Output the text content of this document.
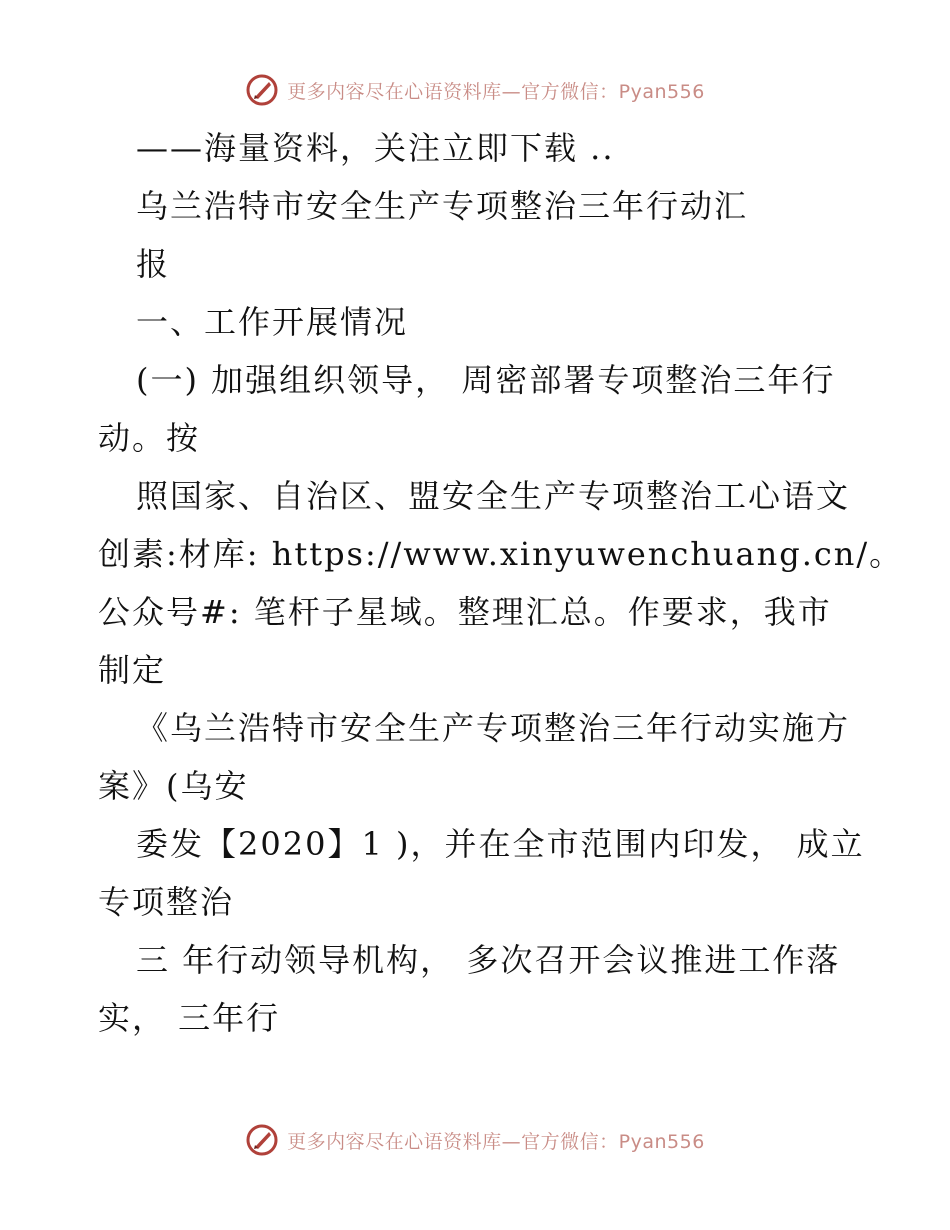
更多内容尽在心语资料库—官方微信：Pyan556
——海量资料，关注立即下载 ..
乌兰浩特市安全生产专项整治三年行动汇
报
一、工作开展情况
(一) 加强组织领导， 周密部署专项整治三年行
动。按
照国家、自治区、盟安全生产专项整治工心语文
创素:材库: https://www.xinyuwenchuang.cn/。
公众号#: 笔杆子星域。整理汇总。作要求，我市
制定
《乌兰浩特市安全生产专项整治三年行动实施方
案》(乌安
委发【2020】1 )，并在全市范围内印发， 成立
专项整治
三 年行动领导机构， 多次召开会议推进工作落
实， 三年行
更多内容尽在心语资料库—官方微信：Pyan556
